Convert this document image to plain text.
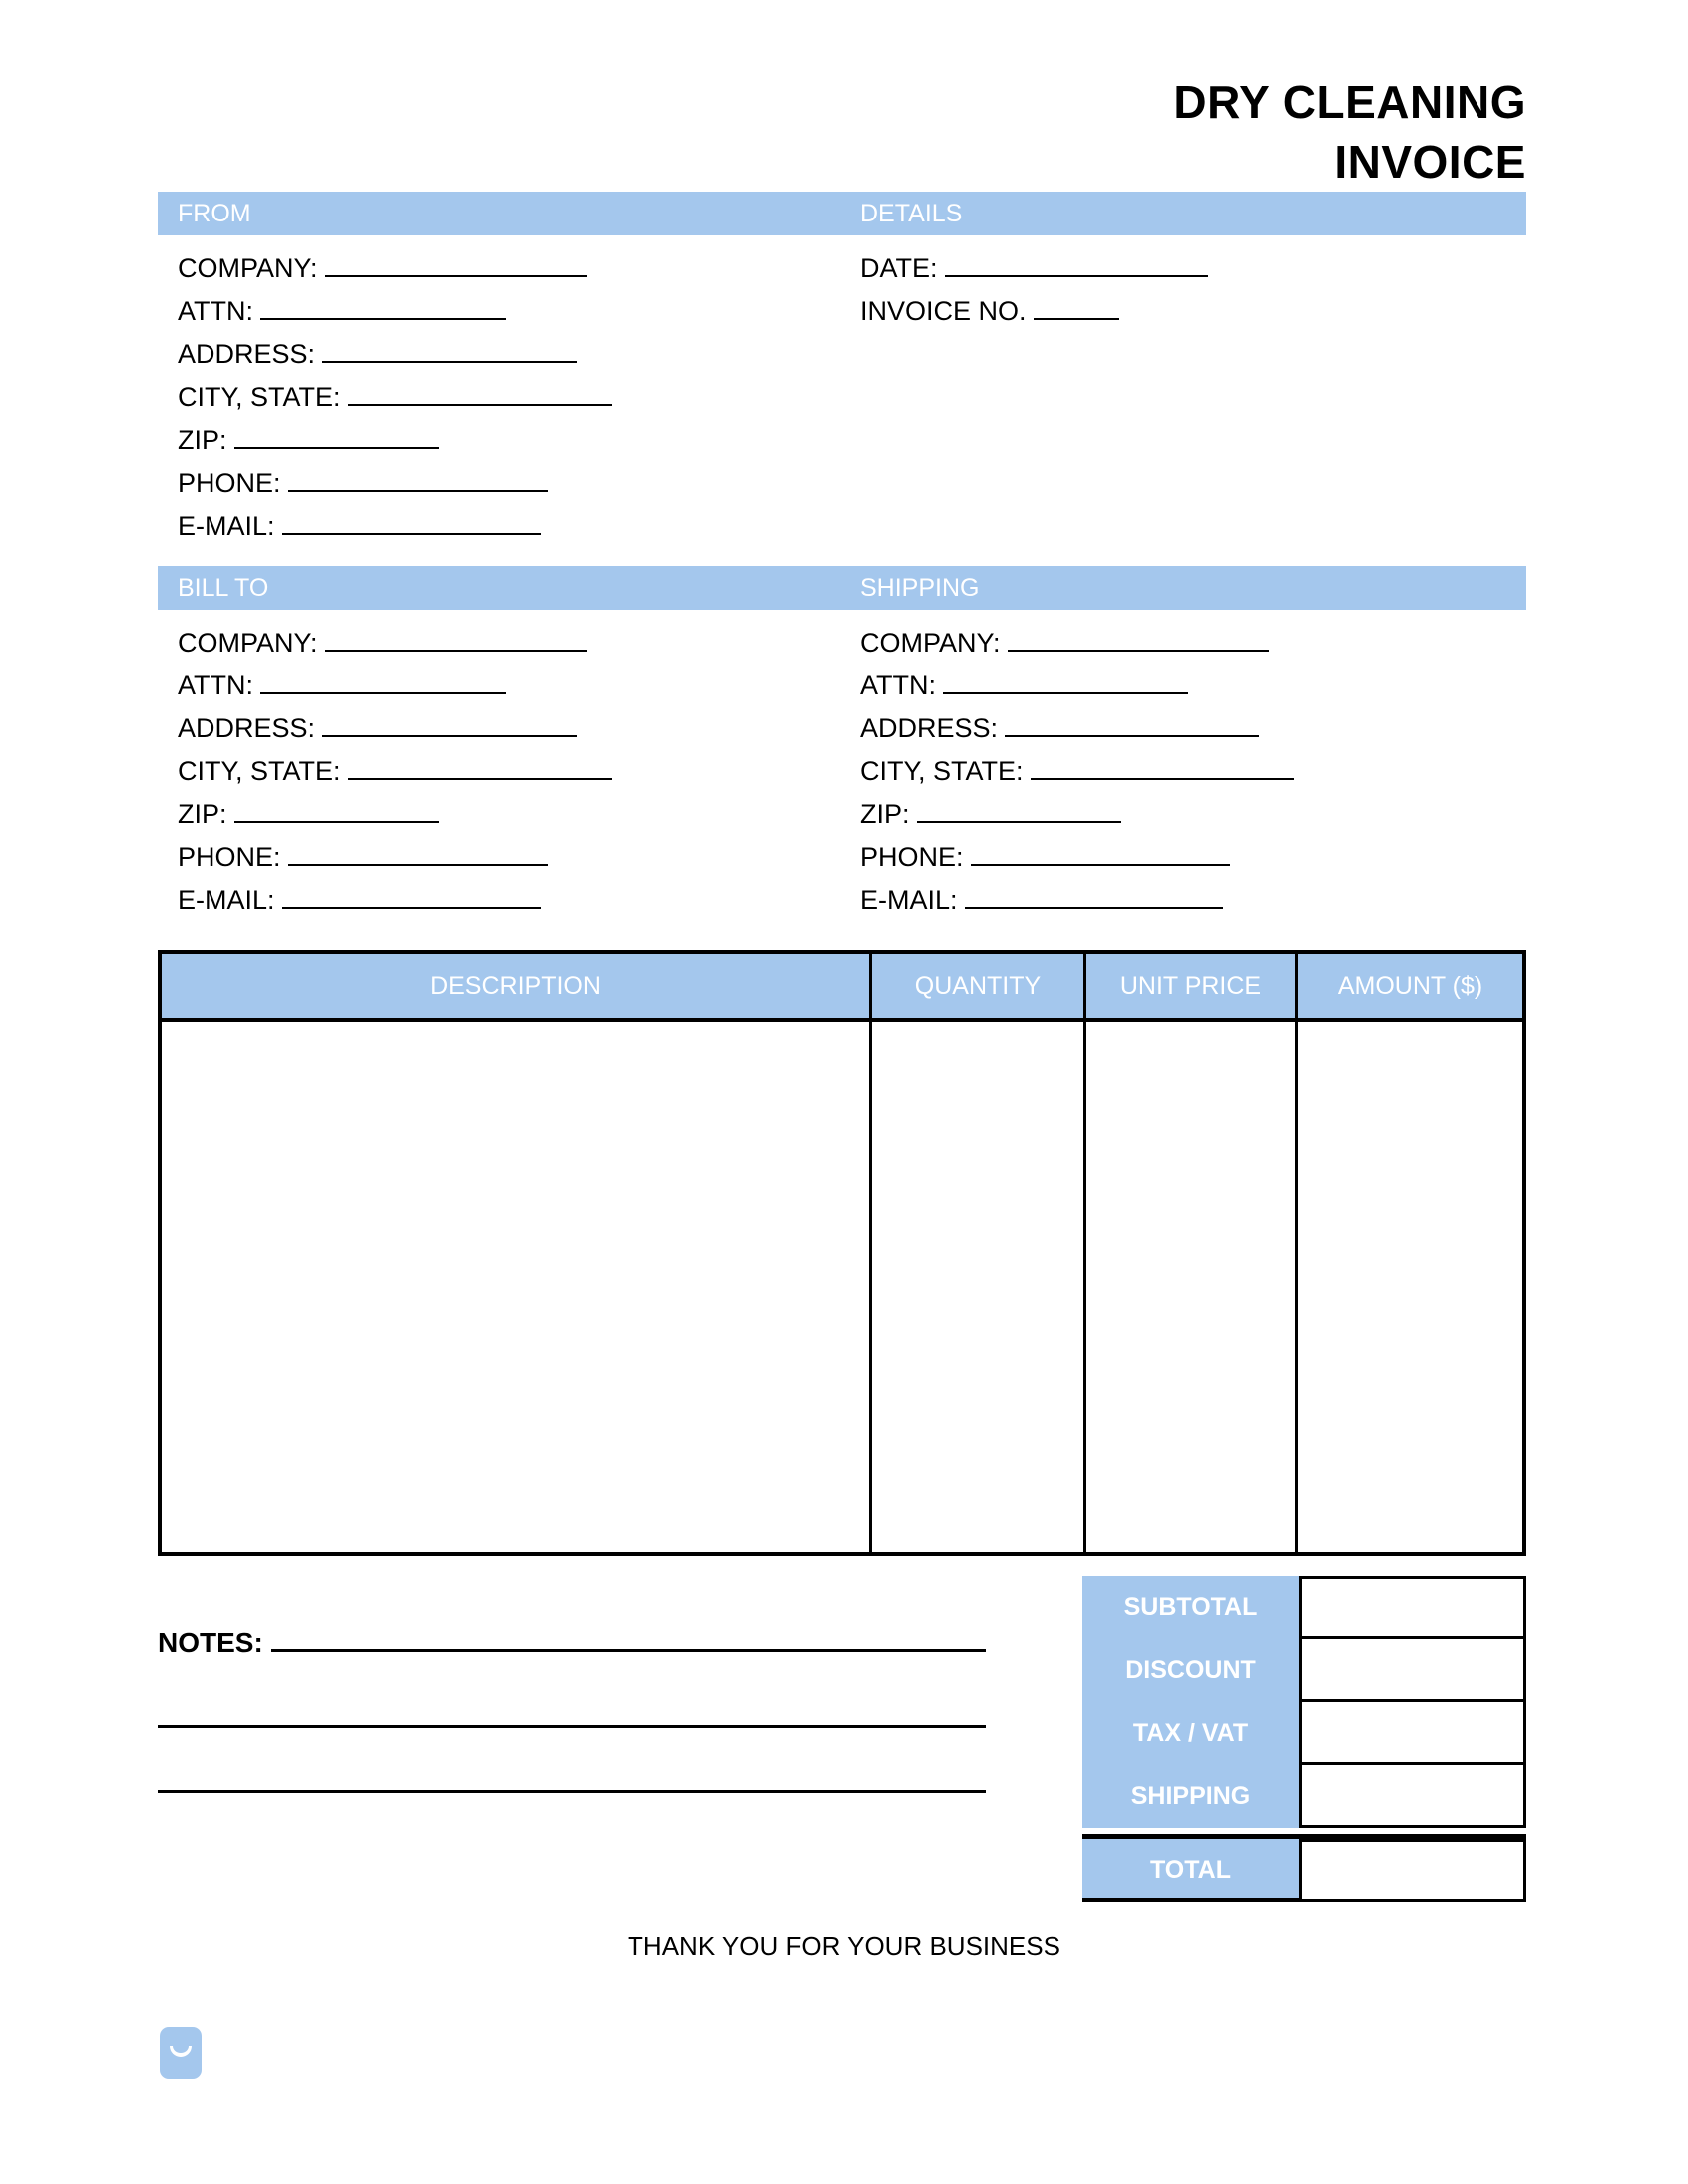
DRY CLEANING
INVOICE
FROM	DETAILS
COMPANY:
ATTN:
ADDRESS:
CITY, STATE:
ZIP:
PHONE:
E-MAIL:
DATE:
INVOICE NO.
BILL TO	SHIPPING
COMPANY:
ATTN:
ADDRESS:
CITY, STATE:
ZIP:
PHONE:
E-MAIL:
COMPANY:
ATTN:
ADDRESS:
CITY, STATE:
ZIP:
PHONE:
E-MAIL:
DESCRIPTION	QUANTITY	UNIT PRICE	AMOUNT ($)
SUBTOTAL
DISCOUNT
TAX / VAT
SHIPPING
TOTAL
NOTES:
THANK YOU FOR YOUR BUSINESS
